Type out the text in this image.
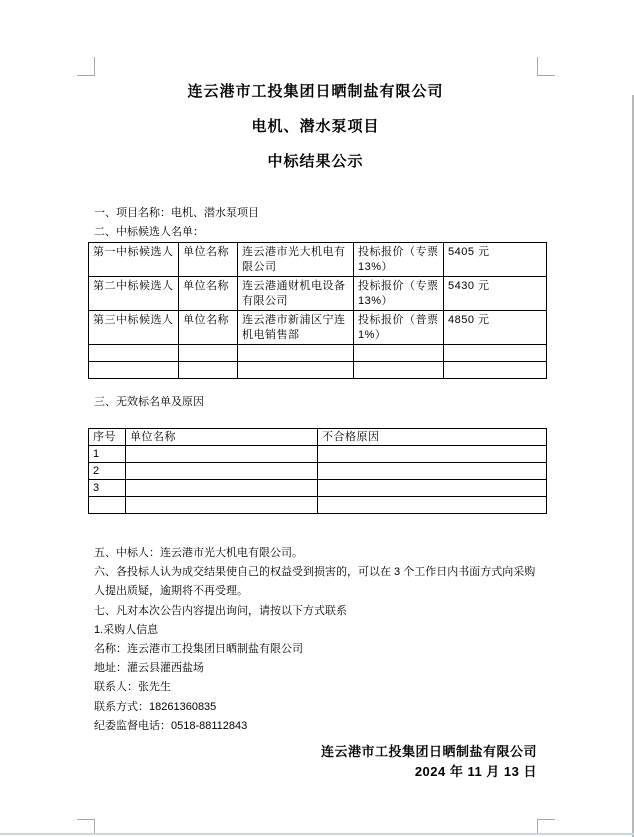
连云港市工投集团日晒制盐有限公司
电机、潜水泵项目
中标结果公示

一、项目名称：电机、潜水泵项目

二、中标候选人名单：

第一中标候选人	单位名称	连云港市光大机电有限公司	投标报价（专票13%）	5405 元
第二中标候选人	单位名称	连云港通财机电设备有限公司	投标报价（专票13%）	5430 元
第三中标候选人	单位名称	连云港市新浦区宁连机电销售部	投标报价（普票1%）	4850 元

三、无效标名单及原因

序号	单位名称	不合格原因
1		
2		
3		

五、中标人：连云港市光大机电有限公司。

六、各投标人认为成交结果使自己的权益受到损害的，可以在 3 个工作日内书面方式向采购人提出质疑，逾期将不再受理。

七、凡对本次公告内容提出询问，请按以下方式联系

1.采购人信息

名称：连云港市工投集团日晒制盐有限公司

地址：灌云县灌西盐场

联系人：张先生

联系方式：18261360835

纪委监督电话：0518-88112843

连云港市工投集团日晒制盐有限公司
2024 年 11 月 13 日
